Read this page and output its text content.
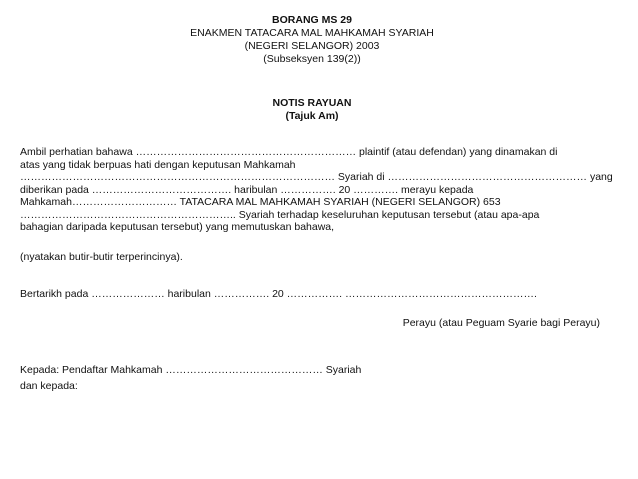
BORANG MS 29
ENAKMEN TATACARA MAL MAHKAMAH SYARIAH
(NEGERI SELANGOR) 2003
(Subseksyen 139(2))
NOTIS RAYUAN
(Tajuk Am)
Ambil perhatian bahawa ……………………………………………………… plaintif (atau defendan) yang dinamakan di
atas yang tidak berpuas hati dengan keputusan Mahkamah
……………………………………………………………………………… Syariah di ………………………………………………… yang
diberikan pada …………………………………. haribulan ……………. 20 …………. merayu kepada
Mahkamah………………………… TATACARA MAL MAHKAMAH SYARIAH (NEGERI SELANGOR) 653
…………………………………………………….. Syariah terhadap keseluruhan keputusan tersebut (atau apa-apa
bahagian daripada keputusan tersebut) yang memutuskan bahawa,
(nyatakan butir-butir terperincinya).
Bertarikh pada ………………… haribulan ……………. 20 ……………. ……………………………………………….
Perayu (atau Peguam Syarie bagi Perayu)
Kepada: Pendaftar Mahkamah ……………………………………… Syariah
dan kepada:
